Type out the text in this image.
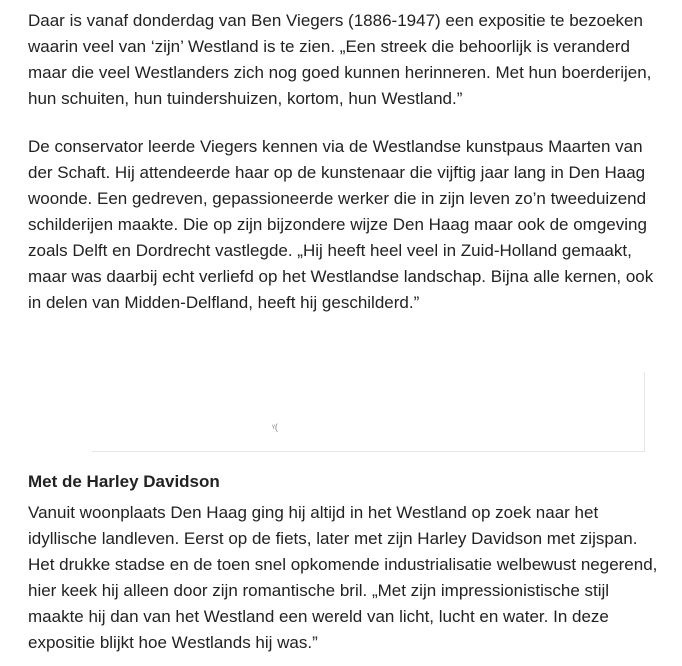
Daar is vanaf donderdag van Ben Viegers (1886-1947) een expositie te bezoeken waarin veel van ‘zijn’ Westland is te zien. „Een streek die behoorlijk is veranderd maar die veel Westlanders zich nog goed kunnen herinneren. Met hun boerderijen, hun schuiten, hun tuindershuizen, kortom, hun Westland.”

De conservator leerde Viegers kennen via de Westlandse kunstpaus Maarten van der Schaft. Hij attendeerde haar op de kunstenaar die vijftig jaar lang in Den Haag woonde. Een gedreven, gepassioneerde werker die in zijn leven zo’n tweeduizend schilderijen maakte. Die op zijn bijzondere wijze Den Haag maar ook de omgeving zoals Delft en Dordrecht vastlegde. „Hij heeft heel veel in Zuid-Holland gemaakt, maar was daarbij echt verliefd op het Westlandse landschap. Bijna alle kernen, ook in delen van Midden-Delfland, heeft hij geschilderd.”

ᵞ(
Met de Harley Davidson

Vanuit woonplaats Den Haag ging hij altijd in het Westland op zoek naar het idyllische landleven. Eerst op de fiets, later met zijn Harley Davidson met zijspan. Het drukke stadse en de toen snel opkomende industrialisatie welbewust negerend, hier keek hij alleen door zijn romantische bril. „Met zijn impressionistische stijl maakte hij dan van het Westland een wereld van licht, lucht en water. In deze expositie blijkt hoe Westlands hij was.”
